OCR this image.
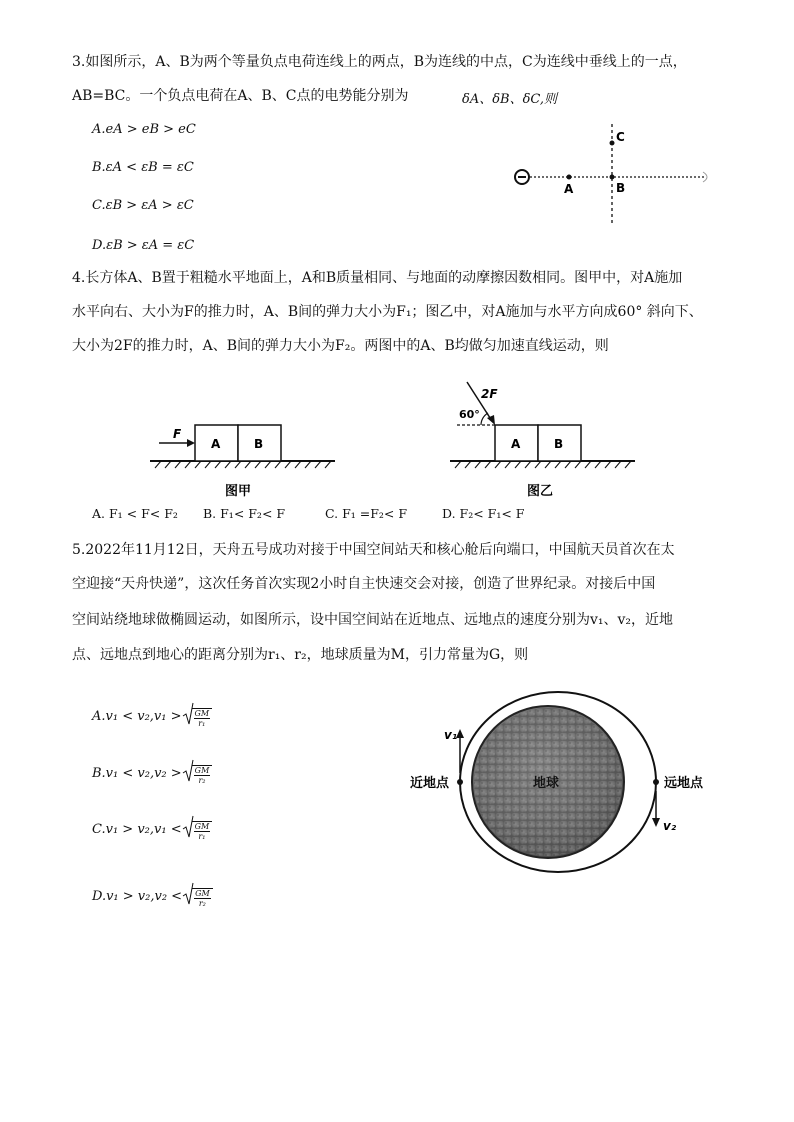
3.如图所示，A、B为两个等量负点电荷连线上的两点，B为连线的中点，C为连线中垂线上的一点，
AB=BC。一个负点电荷在A、B、C点的电势能分别为	δA、δB、δC,则
A.eA > eB > eC
B.εA < εB = εC
C.εB > εA > εC
D.εB > εA = εC
A	B
C
4.长方体A、B置于粗糙水平地面上，A和B质量相同、与地面的动摩擦因数相同。图甲中，对A施加
水平向右、大小为F的推力时，A、B间的弹力大小为F₁；图乙中，对A施加与水平方向成60° 斜向下、
大小为2F的推力时，A、B间的弹力大小为F₂。两图中的A、B均做匀加速直线运动，则
A	B
F
图甲
A	B
2F
60°
图乙
A. F₁ < F< F₂ B. F₁< F₂< F	C. F₁ =F₂< F	D. F₂< F₁< F
5.2022年11月12日，天舟五号成功对接于中国空间站天和核心舱后向端口，中国航天员首次在太
空迎接“天舟快递”，这次任务首次实现2小时自主快速交会对接，创造了世界纪录。对接后中国
空间站绕地球做椭圆运动，如图所示，设中国空间站在近地点、远地点的速度分别为v₁、v₂，近地
点、远地点到地心的距离分别为r₁、r₂，地球质量为M，引力常量为G，则
$A.v_1 < v_2,v_1 > \frac{GM}{\text{r₁}}$
$B.v_1 < v_2,v_2 > \frac{GM}{\text{r₂}}$
$C.v_1 > v_2,v_1 < \frac{GM}{\text{r₁}}$
$D.v_1 > v_2,v_2 < \frac{GM}{\text{r₂}}$
地球
v₁
v₂
近地点	远地点
